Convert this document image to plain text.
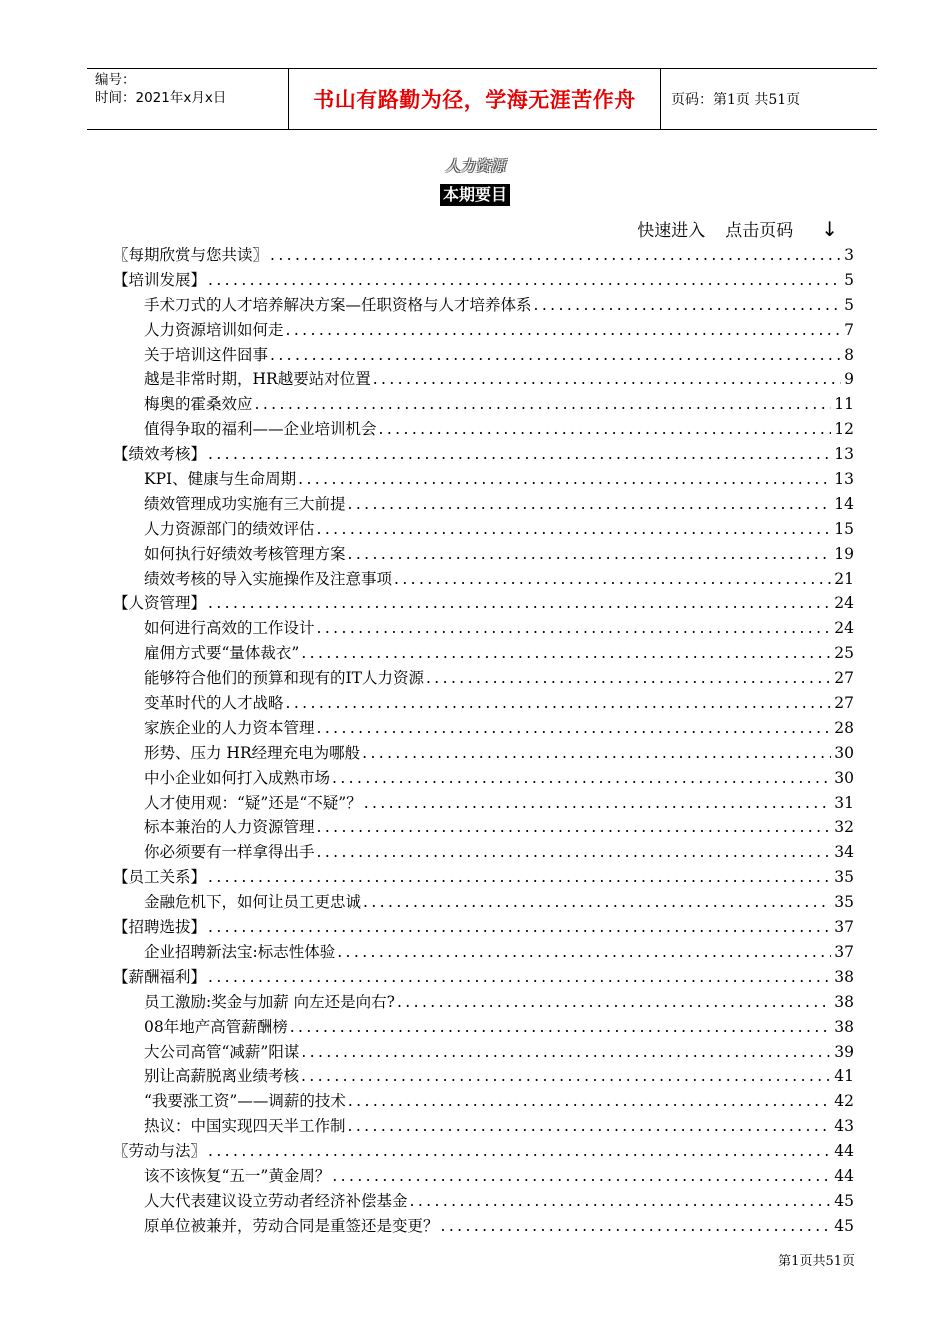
编号：
时间：2021年x月x日	书山有路勤为径，学海无涯苦作舟	页码：第1页 共51页
人力资源
本期要目
快速进入 点击页码 ↓
〖每期欣赏与您共读〗 .....	3
【培训发展】 .....	5
手术刀式的人才培养解决方案—任职资格与人才培养体系 .....	5
人力资源培训如何走 .....	7
关于培训这件囧事 .....	8
越是非常时期，HR越要站对位置 .....	9
梅奥的霍桑效应 .....	11
值得争取的福利——企业培训机会 .....	12
【绩效考核】 .....	13
KPI、健康与生命周期 .....	13
绩效管理成功实施有三大前提 .....	14
人力资源部门的绩效评估 .....	15
如何执行好绩效考核管理方案 .....	19
绩效考核的导入实施操作及注意事项 .....	21
【人资管理】 .....	24
如何进行高效的工作设计 .....	24
雇佣方式要“量体裁衣” .....	25
能够符合他们的预算和现有的IT人力资源 .....	27
变革时代的人才战略 .....	27
家族企业的人力资本管理 .....	28
形势、压力 HR经理充电为哪般 .....	30
中小企业如何打入成熟市场 .....	30
人才使用观：“疑”还是“不疑”？ .....	31
标本兼治的人力资源管理 .....	32
你必须要有一样拿得出手 .....	34
【员工关系】 .....	35
金融危机下，如何让员工更忠诚 .....	35
【招聘选拔】 .....	37
企业招聘新法宝:标志性体验 .....	37
【薪酬福利】 .....	38
员工激励:奖金与加薪 向左还是向右? .....	38
08年地产高管薪酬榜 .....	38
大公司高管“减薪”阳谋 .....	39
别让高薪脱离业绩考核 .....	41
“我要涨工资”——调薪的技术 .....	42
热议：中国实现四天半工作制 .....	43
〖劳动与法〗 .....	44
该不该恢复“五一”黄金周？ .....	44
人大代表建议设立劳动者经济补偿基金 .....	45
原单位被兼并，劳动合同是重签还是变更？ .....	45
第1页共51页
